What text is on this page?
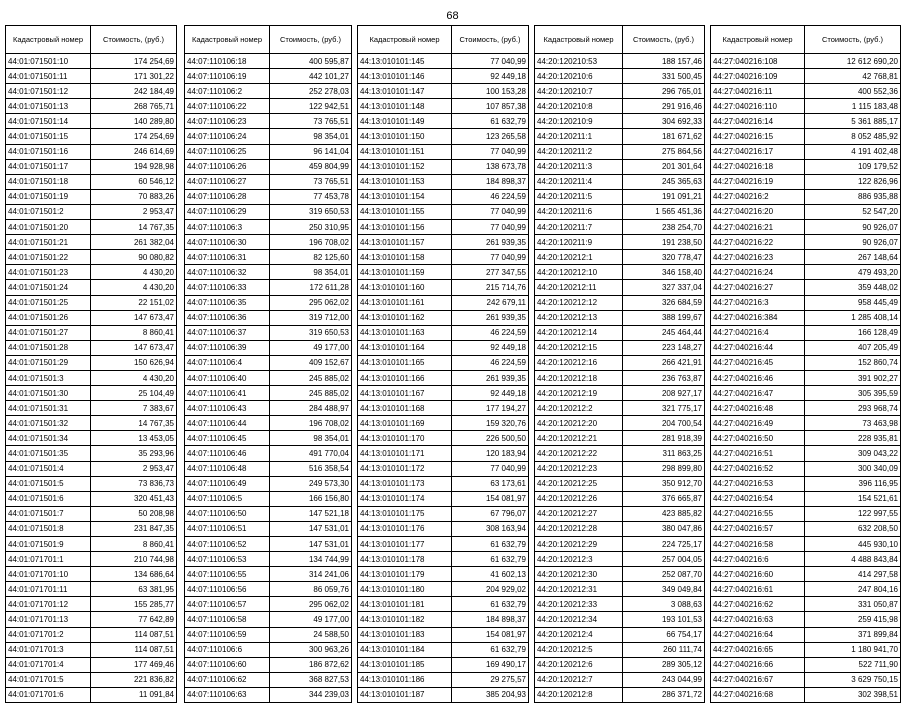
68
Кадастровый номер	Стоимость, (руб.)
44:01:071501:10	174 254,69
44:01:071501:11	171 301,22
44:01:071501:12	242 184,49
44:01:071501:13	268 765,71
44:01:071501:14	140 289,80
44:01:071501:15	174 254,69
44:01:071501:16	246 614,69
44:01:071501:17	194 928,98
44:01:071501:18	60 546,12
44:01:071501:19	70 883,26
44:01:071501:2	2 953,47
44:01:071501:20	14 767,35
44:01:071501:21	261 382,04
44:01:071501:22	90 080,82
44:01:071501:23	4 430,20
44:01:071501:24	4 430,20
44:01:071501:25	22 151,02
44:01:071501:26	147 673,47
44:01:071501:27	8 860,41
44:01:071501:28	147 673,47
44:01:071501:29	150 626,94
44:01:071501:3	4 430,20
44:01:071501:30	25 104,49
44:01:071501:31	7 383,67
44:01:071501:32	14 767,35
44:01:071501:34	13 453,05
44:01:071501:35	35 293,96
44:01:071501:4	2 953,47
44:01:071501:5	73 836,73
44:01:071501:6	320 451,43
44:01:071501:7	50 208,98
44:01:071501:8	231 847,35
44:01:071501:9	8 860,41
44:01:071701:1	210 744,98
44:01:071701:10	134 686,64
44:01:071701:11	63 381,95
44:01:071701:12	155 285,77
44:01:071701:13	77 642,89
44:01:071701:2	114 087,51
44:01:071701:3	114 087,51
44:01:071701:4	177 469,46
44:01:071701:5	221 836,82
44:01:071701:6	11 091,84
Кадастровый номер	Стоимость, (руб.)
44:07:110106:18	400 595,87
44:07:110106:19	442 101,27
44:07:110106:2	252 278,03
44:07:110106:22	122 942,51
44:07:110106:23	73 765,51
44:07:110106:24	98 354,01
44:07:110106:25	96 141,04
44:07:110106:26	459 804,99
44:07:110106:27	73 765,51
44:07:110106:28	77 453,78
44:07:110106:29	319 650,53
44:07:110106:3	250 310,95
44:07:110106:30	196 708,02
44:07:110106:31	82 125,60
44:07:110106:32	98 354,01
44:07:110106:33	172 611,28
44:07:110106:35	295 062,02
44:07:110106:36	319 712,00
44:07:110106:37	319 650,53
44:07:110106:39	49 177,00
44:07:110106:4	409 152,67
44:07:110106:40	245 885,02
44:07:110106:41	245 885,02
44:07:110106:43	284 488,97
44:07:110106:44	196 708,02
44:07:110106:45	98 354,01
44:07:110106:46	491 770,04
44:07:110106:48	516 358,54
44:07:110106:49	249 573,30
44:07:110106:5	166 156,80
44:07:110106:50	147 521,18
44:07:110106:51	147 531,01
44:07:110106:52	147 531,01
44:07:110106:53	134 744,99
44:07:110106:55	314 241,06
44:07:110106:56	86 059,76
44:07:110106:57	295 062,02
44:07:110106:58	49 177,00
44:07:110106:59	24 588,50
44:07:110106:6	300 963,26
44:07:110106:60	186 872,62
44:07:110106:62	368 827,53
44:07:110106:63	344 239,03
Кадастровый номер	Стоимость, (руб.)
44:13:010101:145	77 040,99
44:13:010101:146	92 449,18
44:13:010101:147	100 153,28
44:13:010101:148	107 857,38
44:13:010101:149	61 632,79
44:13:010101:150	123 265,58
44:13:010101:151	77 040,99
44:13:010101:152	138 673,78
44:13:010101:153	184 898,37
44:13:010101:154	46 224,59
44:13:010101:155	77 040,99
44:13:010101:156	77 040,99
44:13:010101:157	261 939,35
44:13:010101:158	77 040,99
44:13:010101:159	277 347,55
44:13:010101:160	215 714,76
44:13:010101:161	242 679,11
44:13:010101:162	261 939,35
44:13:010101:163	46 224,59
44:13:010101:164	92 449,18
44:13:010101:165	46 224,59
44:13:010101:166	261 939,35
44:13:010101:167	92 449,18
44:13:010101:168	177 194,27
44:13:010101:169	159 320,76
44:13:010101:170	226 500,50
44:13:010101:171	120 183,94
44:13:010101:172	77 040,99
44:13:010101:173	63 173,61
44:13:010101:174	154 081,97
44:13:010101:175	67 796,07
44:13:010101:176	308 163,94
44:13:010101:177	61 632,79
44:13:010101:178	61 632,79
44:13:010101:179	41 602,13
44:13:010101:180	204 929,02
44:13:010101:181	61 632,79
44:13:010101:182	184 898,37
44:13:010101:183	154 081,97
44:13:010101:184	61 632,79
44:13:010101:185	169 490,17
44:13:010101:186	29 275,57
44:13:010101:187	385 204,93
Кадастровый номер	Стоимость, (руб.)
44:20:120210:53	188 157,46
44:20:120210:6	331 500,45
44:20:120210:7	296 765,01
44:20:120210:8	291 916,46
44:20:120210:9	304 692,33
44:20:120211:1	181 671,62
44:20:120211:2	275 864,56
44:20:120211:3	201 301,64
44:20:120211:4	245 365,63
44:20:120211:5	191 091,21
44:20:120211:6	1 565 451,36
44:20:120211:7	238 254,70
44:20:120211:9	191 238,50
44:20:120212:1	320 778,47
44:20:120212:10	346 158,40
44:20:120212:11	327 337,04
44:20:120212:12	326 684,59
44:20:120212:13	388 199,67
44:20:120212:14	245 464,44
44:20:120212:15	223 148,27
44:20:120212:16	266 421,91
44:20:120212:18	236 763,87
44:20:120212:19	208 927,17
44:20:120212:2	321 775,17
44:20:120212:20	204 700,54
44:20:120212:21	281 918,39
44:20:120212:22	311 863,25
44:20:120212:23	298 899,80
44:20:120212:25	350 912,70
44:20:120212:26	376 665,87
44:20:120212:27	423 885,82
44:20:120212:28	380 047,86
44:20:120212:29	224 725,17
44:20:120212:3	257 004,05
44:20:120212:30	252 087,70
44:20:120212:31	349 049,84
44:20:120212:33	3 088,63
44:20:120212:34	193 101,53
44:20:120212:4	66 754,17
44:20:120212:5	260 111,74
44:20:120212:6	289 305,12
44:20:120212:7	243 044,99
44:20:120212:8	286 371,72
Кадастровый номер	Стоимость, (руб.)
44:27:040216:108	12 612 690,20
44:27:040216:109	42 768,81
44:27:040216:11	400 552,36
44:27:040216:110	1 115 183,48
44:27:040216:14	5 361 885,17
44:27:040216:15	8 052 485,92
44:27:040216:17	4 191 402,48
44:27:040216:18	109 179,52
44:27:040216:19	122 826,96
44:27:040216:2	886 935,88
44:27:040216:20	52 547,20
44:27:040216:21	90 926,07
44:27:040216:22	90 926,07
44:27:040216:23	267 148,64
44:27:040216:24	479 493,20
44:27:040216:27	359 448,02
44:27:040216:3	958 445,49
44:27:040216:384	1 285 408,14
44:27:040216:4	166 128,49
44:27:040216:44	407 205,49
44:27:040216:45	152 860,74
44:27:040216:46	391 902,27
44:27:040216:47	305 395,59
44:27:040216:48	293 968,74
44:27:040216:49	73 463,98
44:27:040216:50	228 935,81
44:27:040216:51	309 043,22
44:27:040216:52	300 340,09
44:27:040216:53	396 116,95
44:27:040216:54	154 521,61
44:27:040216:55	122 997,55
44:27:040216:57	632 208,50
44:27:040216:58	445 930,10
44:27:040216:6	4 488 843,84
44:27:040216:60	414 297,58
44:27:040216:61	247 804,16
44:27:040216:62	331 050,87
44:27:040216:63	259 415,98
44:27:040216:64	371 899,84
44:27:040216:65	1 180 941,70
44:27:040216:66	522 711,90
44:27:040216:67	3 629 750,15
44:27:040216:68	302 398,51
